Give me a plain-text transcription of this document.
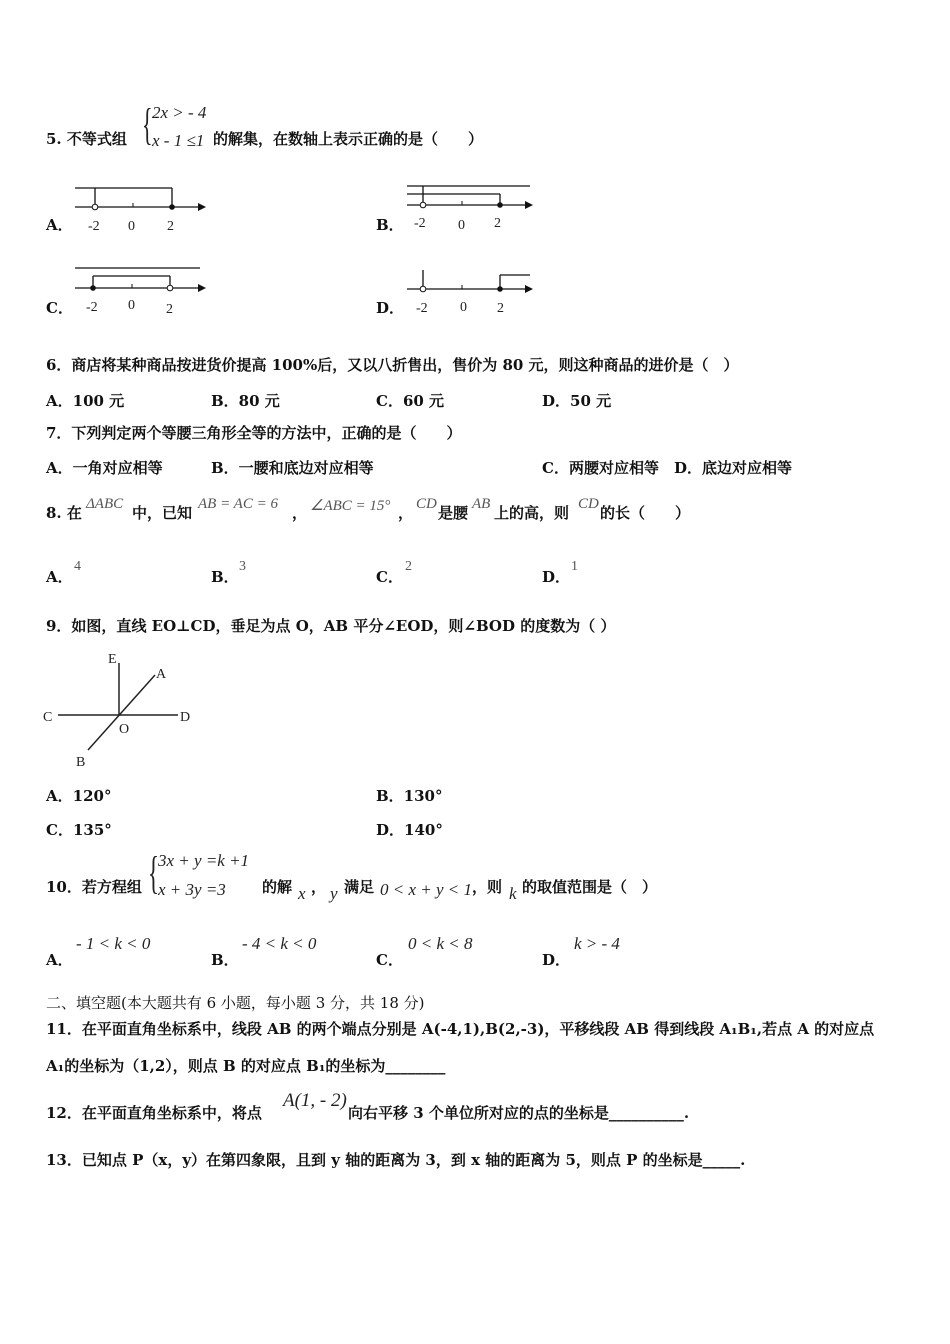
5. 不等式组 { 2x > - 4
x - 1 ≤1 的解集，在数轴上表示正确的是（　　）
A． -2 0 2	B． -2 0 2
C． -2 0 2	D． -2 0 2
6．商店将某种商品按进货价提高 100%后，又以八折售出，售价为 80 元，则这种商品的进价是（　）
A．100 元	B．80 元	C．60 元	D．50 元
7．下列判定两个等腰三角形全等的方法中，正确的是（　　）
A．一角对应相等	B．一腰和底边对应相等	C．两腰对应相等　D．底边对应相等
8. 在 ΔABC 中，已知 AB = AC = 6 ， ∠ABC = 15° ， CD 是腰 AB 上的高，则 CD 的长（　　）
A．
4
B．
3
C．
2
D．
1
9．如图，直线 EO⊥CD，垂足为点 O，AB 平分∠EOD，则∠BOD 的度数为（ ）
E
A
C	D
O
B
A．120°	B．130°
C．135°	D．140°
10．若方程组 {
3x + y =k +1
x + 3y =3 的解 x ， y 满足 0 < x + y < 1 ，则 k 的取值范围是（　）
A．
- 1 < k < 0
B．
- 4 < k < 0
C．
0 < k < 8
D．
k > - 4
二、填空题(本大题共有 6 小题，每小题 3 分，共 18 分)
11．在平面直角坐标系中，线段 AB 的两个端点分别是 A(-4,1),B(2,-3)，平移线段 AB 得到线段 A₁B₁,若点 A 的对应点
A₁的坐标为（1,2），则点 B 的对应点 B₁的坐标为________
12．在平面直角坐标系中，将点
A(1, - 2)
向右平移 3 个单位所对应的点的坐标是__________.
13．已知点 P（x，y）在第四象限，且到 y 轴的距离为 3，到 x 轴的距离为 5，则点 P 的坐标是_____.
